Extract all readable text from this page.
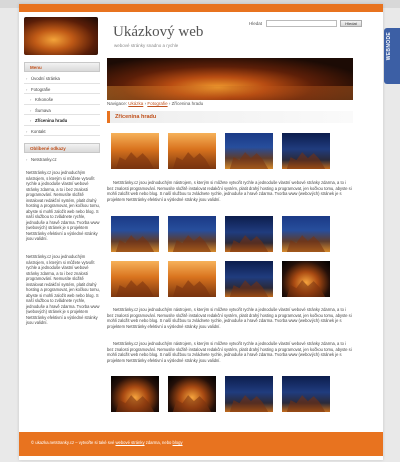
WEBNODE
Ukázkový web
webové stránky snadno a rychle
Hledat	Hledat
Menu
› Úvodní stránka
› Fotografie
› Krkonoše
› Šumava
› Zřícenina hradu
› Kontakt
Oblíbené odkazy
› Netstranky.cz
NetStránky.cz jsou jednoduchým nástrojem, s kterým si můžete vytvořit rychle a jednoduše vlastní webové stránky zdarma, a to i bez znalosti programování. Nemusíte složitě instalovat redakční systém, platit drahý hosting a programovat, jen kočkou tomu, abyste si mohli založit web nebo blog. S naší službou to zvládnete rychle, jednoduše a hravě zdarma. Tvorba www (webových) stránek je s projektem NetStránky efektivní a výsledné stránky jsou validní.
NetStránky.cz jsou jednoduchým nástrojem, s kterým si můžete vytvořit rychle a jednoduše vlastní webové stránky zdarma, a to i bez znalosti programování. Nemusíte složitě instalovat redakční systém, platit drahý hosting a programovat, jen kočkou tomu, abyste si mohli založit web nebo blog. S naší službou to zvládnete rychle, jednoduše a hravě zdarma. Tvorba www (webových) stránek je s projektem NetStránky efektivní a výsledné stránky jsou validní.
Navigace: Ukázka › Fotografie › Zřícenina hradu
Zřícenina hradu
NetStránky.cz jsou jednoduchým nástrojem, s kterým si můžete vytvořit rychle a jednoduše vlastní webové stránky zdarma, a to i bez znalosti programování. Nemusíte složitě instalovat redakční systém, platit drahý hosting a programovat, jen kočkou tomu, abyste si mohli založit web nebo blog. S naší službou to zvládnete rychle, jednoduše a hravě zdarma. Tvorba www (webových) stránek je s projektem NetStránky efektivní a výsledné stránky jsou validní.
NetStránky.cz jsou jednoduchým nástrojem, s kterým si můžete vytvořit rychle a jednoduše vlastní webové stránky zdarma, a to i bez znalosti programování. Nemusíte složitě instalovat redakční systém, platit drahý hosting a programovat, jen kočkou tomu, abyste si mohli založit web nebo blog. S naší službou to zvládnete rychle, jednoduše a hravě zdarma. Tvorba www (webových) stránek je s projektem NetStránky efektivní a výsledné stránky jsou validní.
NetStránky.cz jsou jednoduchým nástrojem, s kterým si můžete vytvořit rychle a jednoduše vlastní webové stránky zdarma, a to i bez znalosti programování. Nemusíte složitě instalovat redakční systém, platit drahý hosting a programovat, jen kočkou tomu, abyste si mohli založit web nebo blog. S naší službou to zvládnete rychle, jednoduše a hravě zdarma. Tvorba www (webových) stránek je s projektem NetStránky efektivní a výsledné stránky jsou validní.
© ukazka.netstranky.cz – vytvořte si také své webové stránky zdarma, nebo blogy
